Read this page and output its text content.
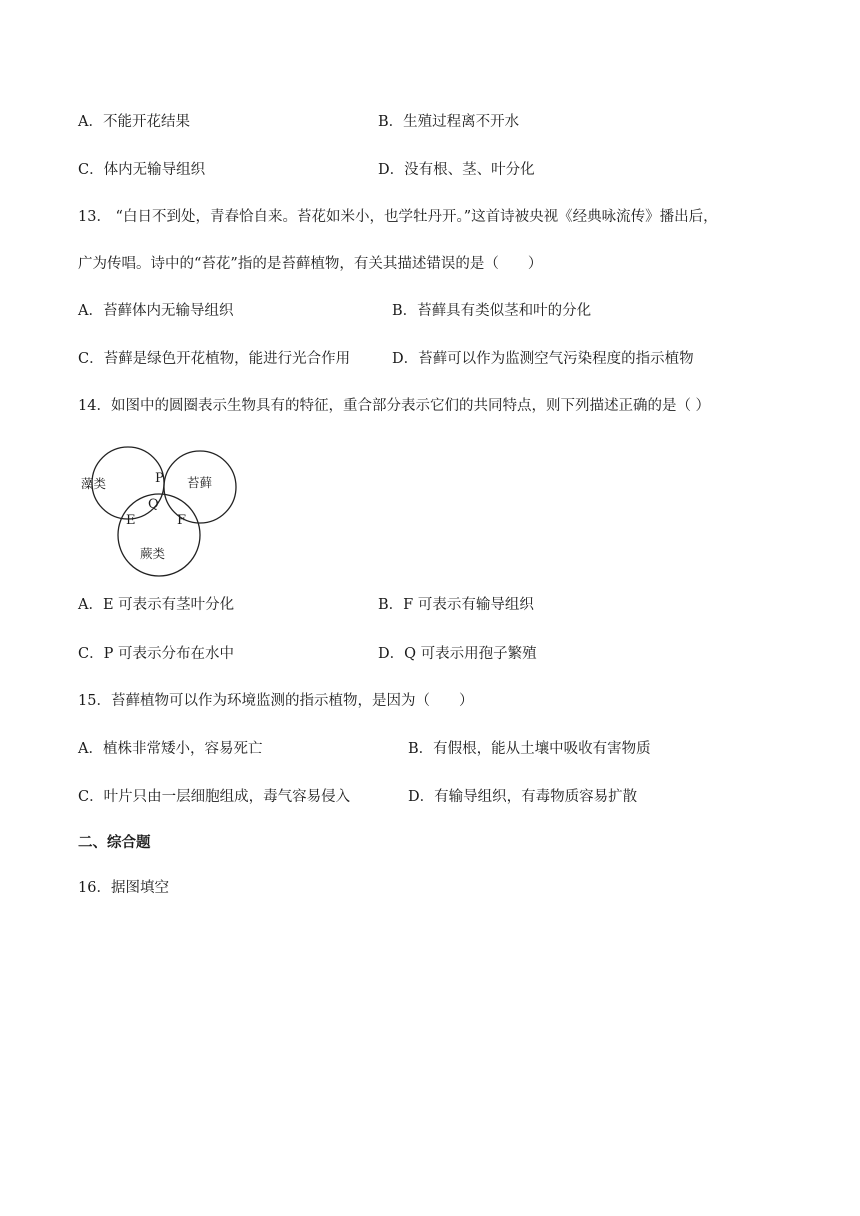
A．不能开花结果	B．生殖过程离不开水
C．体内无输导组织	D．没有根、茎、叶分化
13． “白日不到处，青春恰自来。苔花如米小，也学牡丹开。”这首诗被央视《经典咏流传》播出后，
广为传唱。诗中的“苔花”指的是苔藓植物，有关其描述错误的是（　　）
A．苔藓体内无输导组织	B．苔藓具有类似茎和叶的分化
C．苔藓是绿色开花植物，能进行光合作用	D．苔藓可以作为监测空气污染程度的指示植物
14．如图中的圆圈表示生物具有的特征，重合部分表示它们的共同特点，则下列描述正确的是（ ）
藻类	苔藓
蕨类
P
Q
E	F
A．E 可表示有茎叶分化	B．F 可表示有输导组织
C．P 可表示分布在水中	D．Q 可表示用孢子繁殖
15．苔藓植物可以作为环境监测的指示植物，是因为（　　）
A．植株非常矮小，容易死亡	B．有假根，能从土壤中吸收有害物质
C．叶片只由一层细胞组成，毒气容易侵入	D．有输导组织，有毒物质容易扩散
二、综合题
16．据图填空
